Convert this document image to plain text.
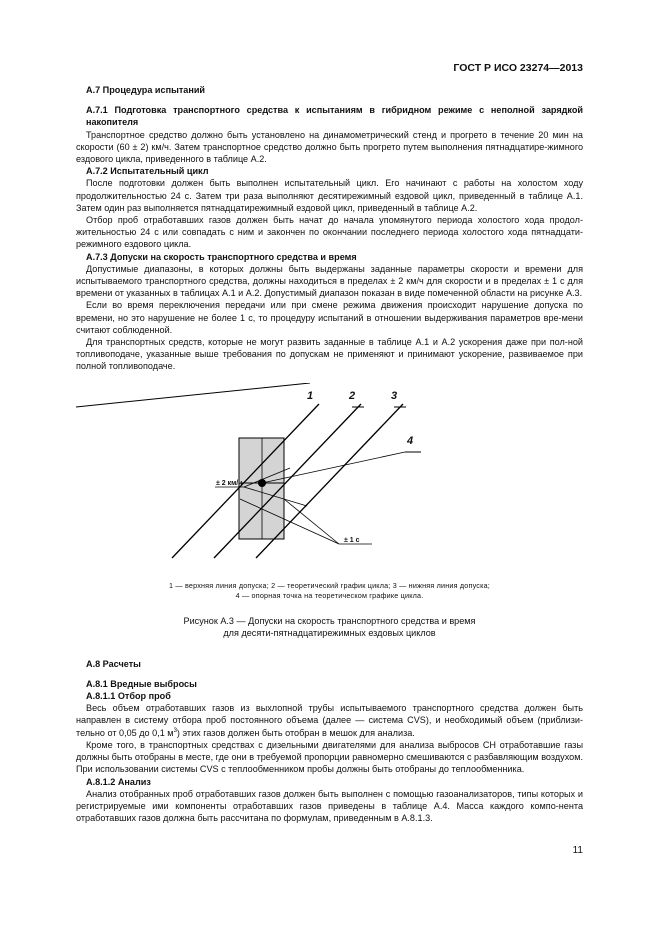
ГОСТ Р ИСО 23274—2013

А.7 Процедура испытаний

А.7.1 Подготовка транспортного средства к испытаниям в гибридном режиме с неполной зарядкой накопителя

Транспортное средство должно быть установлено на динамометрический стенд и прогрето в течение 20 мин на скорости (60 ± 2) км/ч. Затем транспортное средство должно быть прогрето путем выполнения пятнадцатире-жимного ездового цикла, приведенного в таблице А.2.

А.7.2 Испытательный цикл

После подготовки должен быть выполнен испытательный цикл. Его начинают с работы на холостом ходу продолжительностью 24 с. Затем три раза выполняют десятирежимный ездовой цикл, приведенный в таблице А.1. Затем один раз выполняется пятнадцатирежимный ездовой цикл, приведенный в таблице А.2.

Отбор проб отработавших газов должен быть начат до начала упомянутого периода холостого хода продол-жительностью 24 с или совпадать с ним и закончен по окончании последнего периода холостого хода пятнадцати-режимного ездового цикла.

А.7.3 Допуски на скорость транспортного средства и время

Допустимые диапазоны, в которых должны быть выдержаны заданные параметры скорости и времени для испытываемого транспортного средства, должны находиться в пределах ± 2 км/ч для скорости и в пределах ± 1 с для времени от указанных в таблицах А.1 и А.2. Допустимый диапазон показан в виде помеченной области на рисунке А.3.

Если во время переключения передачи или при смене режима движения происходит нарушение допуска по времени, но это нарушение не более 1 с, то процедуру испытаний в отношении выдерживания параметров вре-мени считают соблюденной.

Для транспортных средств, которые не могут развить заданные в таблице А.1 и А.2 ускорения даже при пол-ной топливоподаче, указанные выше требования по допускам не применяют и принимают ускорение, развиваемое при полной топливоподаче.

1	2	3
4
± 2 км/ч
± 1 с
1 — верхняя линия допуска; 2 — теоретический график цикла; 3 — нижняя линия допуска;
4 — опорная точка на теоретическом графике цикла.
Рисунок А.3 — Допуски на скорость транспортного средства и время
для десяти-пятнадцатирежимных ездовых циклов

А.8 Расчеты

А.8.1 Вредные выбросы

А.8.1.1 Отбор проб

Весь объем отработавших газов из выхлопной трубы испытываемого транспортного средства должен быть направлен в систему отбора проб постоянного объема (далее — система CVS), и необходимый объем (приблизи-тельно от 0,05 до 0,1 $м^3$) этих газов должен быть отобран в мешок для анализа.

Кроме того, в транспортных средствах с дизельными двигателями для анализа выбросов CH отработавшие газы должны быть отобраны в месте, где они в требуемой пропорции равномерно смешиваются с разбавляющим воздухом. При использовании системы CVS с теплообменником пробы должны быть отобраны до теплообменника.

А.8.1.2 Анализ

Анализ отобранных проб отработавших газов должен быть выполнен с помощью газоанализаторов, типы которых и регистрируемые ими компоненты отработавших газов приведены в таблице А.4. Масса каждого компо-нента отработавших газов должна быть рассчитана по формулам, приведенным в А.8.1.3.

11
